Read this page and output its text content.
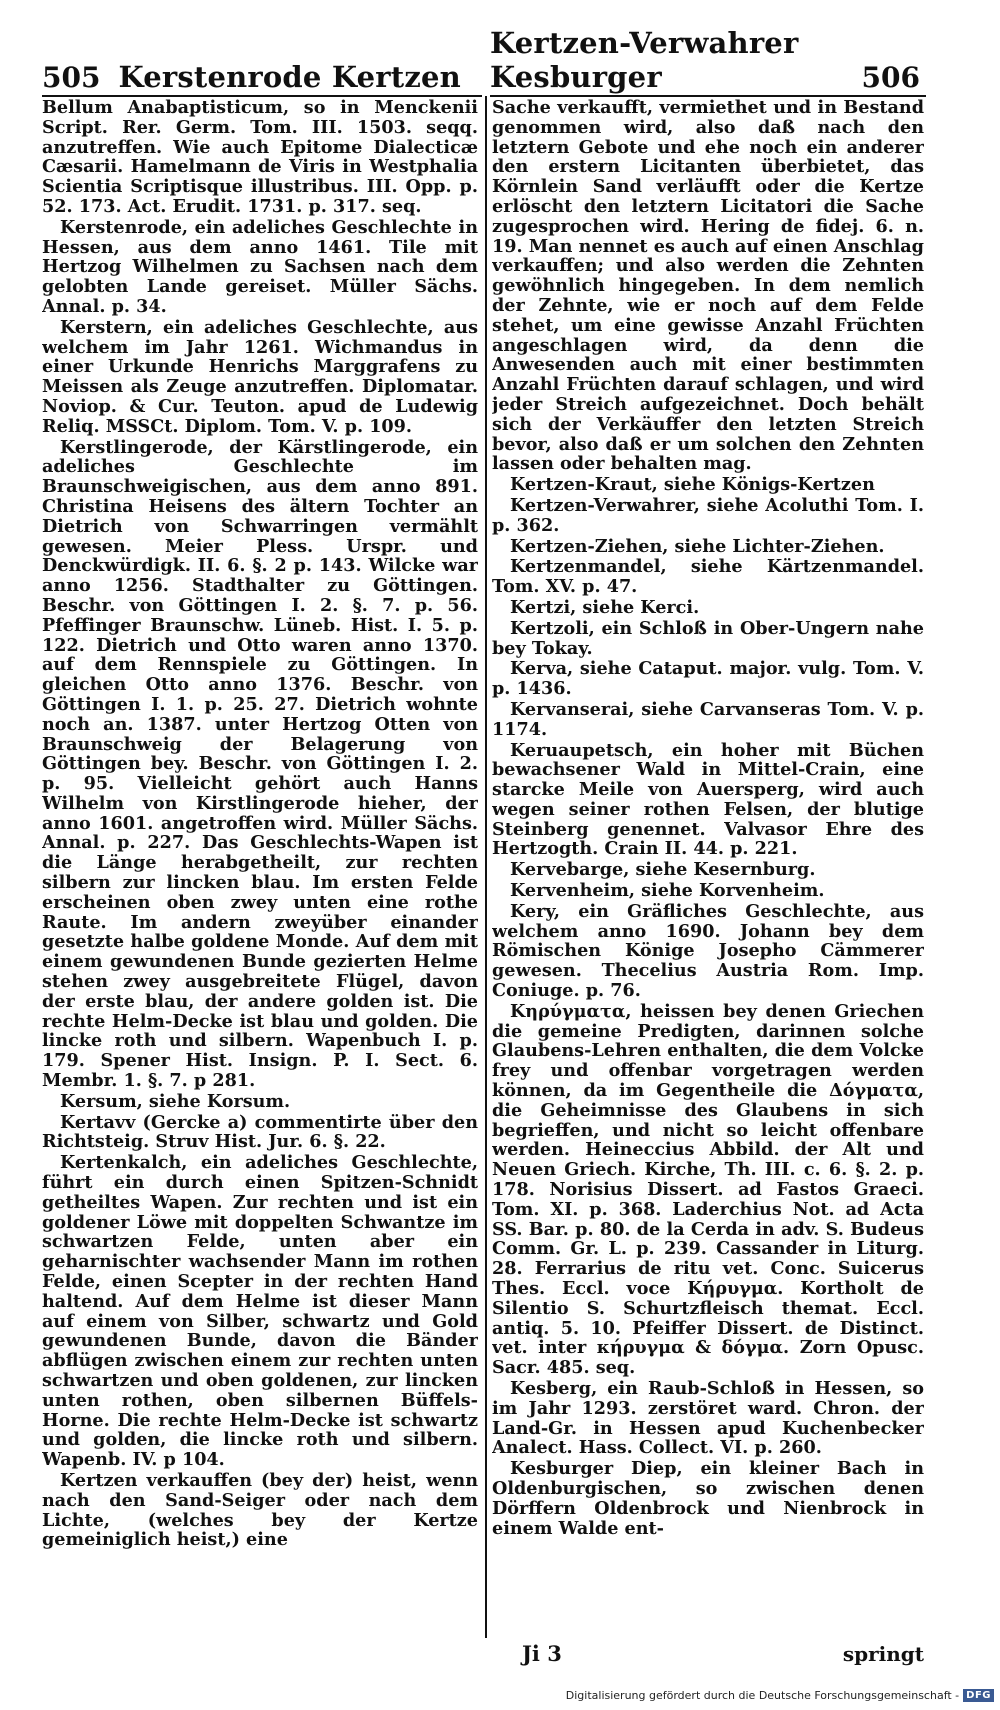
505 Kerstenrode Kertzen
Kertzen-Verwahrer Kesburger	506

Bellum Anabaptisticum, so in Menckenii Script. Rer. Germ. Tom. III. 1503. seqq. anzutreffen. Wie auch Epitome Dialecticæ Cæsarii. Hamelmann de Viris in Westphalia Scientia Scriptisque illustribus. III. Opp. p. 52. 173. Act. Erudit. 1731. p. 317. seq.

Kerstenrode, ein adeliches Geschlechte in Hessen, aus dem anno 1461. Tile mit Hertzog Wilhelmen zu Sachsen nach dem gelobten Lande gereiset. Müller Sächs. Annal. p. 34.

Kerstern, ein adeliches Geschlechte, aus welchem im Jahr 1261. Wichmandus in einer Urkunde Henrichs Marggrafens zu Meissen als Zeuge anzutreffen. Diplomatar. Noviop. & Cur. Teuton. apud de Ludewig Reliq. MSSCt. Diplom. Tom. V. p. 109.

Kerstlingerode, der Kärstlingerode, ein adeliches Geschlechte im Braunschweigischen, aus dem anno 891. Christina Heisens des ältern Tochter an Dietrich von Schwarringen vermählt gewesen. Meier Pless. Urspr. und Denckwürdigk. II. 6. §. 2 p. 143. Wilcke war anno 1256. Stadthalter zu Göttingen. Beschr. von Göttingen I. 2. §. 7. p. 56. Pfeffinger Braunschw. Lüneb. Hist. I. 5. p. 122. Dietrich und Otto waren anno 1370. auf dem Rennspiele zu Göttingen. In gleichen Otto anno 1376. Beschr. von Göttingen I. 1. p. 25. 27. Dietrich wohnte noch an. 1387. unter Hertzog Otten von Braunschweig der Belagerung von Göttingen bey. Beschr. von Göttingen I. 2. p. 95. Vielleicht gehört auch Hanns Wilhelm von Kirstlingerode hieher, der anno 1601. angetroffen wird. Müller Sächs. Annal. p. 227. Das Geschlechts-Wapen ist die Länge herabgetheilt, zur rechten silbern zur lincken blau. Im ersten Felde erscheinen oben zwey unten eine rothe Raute. Im andern zweyüber einander gesetzte halbe goldene Monde. Auf dem mit einem gewundenen Bunde gezierten Helme stehen zwey ausgebreitete Flügel, davon der erste blau, der andere golden ist. Die rechte Helm-Decke ist blau und golden. Die lincke roth und silbern. Wapenbuch I. p. 179. Spener Hist. Insign. P. I. Sect. 6. Membr. 1. §. 7. p 281.

Kersum, siehe Korsum.

Kertavv (Gercke a) commentirte über den Richtsteig. Struv Hist. Jur. 6. §. 22.

Kertenkalch, ein adeliches Geschlechte, führt ein durch einen Spitzen-Schnidt getheiltes Wapen. Zur rechten und ist ein goldener Löwe mit doppelten Schwantze im schwartzen Felde, unten aber ein geharnischter wachsender Mann im rothen Felde, einen Scepter in der rechten Hand haltend. Auf dem Helme ist dieser Mann auf einem von Silber, schwartz und Gold gewundenen Bunde, davon die Bänder abflügen zwischen einem zur rechten unten schwartzen und oben goldenen, zur lincken unten rothen, oben silbernen Büffels-Horne. Die rechte Helm-Decke ist schwartz und golden, die lincke roth und silbern. Wapenb. IV. p 104.

Kertzen verkauffen (bey der) heist, wenn nach den Sand-Seiger oder nach dem Lichte, (welches bey der Kertze gemeiniglich heist,) eine

Sache verkaufft, vermiethet und in Bestand genommen wird, also daß nach den letztern Gebote und ehe noch ein anderer den erstern Licitanten überbietet, das Körnlein Sand verläufft oder die Kertze erlöscht den letztern Licitatori die Sache zugesprochen wird. Hering de fidej. 6. n. 19. Man nennet es auch auf einen Anschlag verkauffen; und also werden die Zehnten gewöhnlich hingegeben. In dem nemlich der Zehnte, wie er noch auf dem Felde stehet, um eine gewisse Anzahl Früchten angeschlagen wird, da denn die Anwesenden auch mit einer bestimmten Anzahl Früchten darauf schlagen, und wird jeder Streich aufgezeichnet. Doch behält sich der Verkäuffer den letzten Streich bevor, also daß er um solchen den Zehnten lassen oder behalten mag.

Kertzen-Kraut, siehe Königs-Kertzen

Kertzen-Verwahrer, siehe Acoluthi Tom. I. p. 362.

Kertzen-Ziehen, siehe Lichter-Ziehen.

Kertzenmandel, siehe Kärtzenmandel. Tom. XV. p. 47.

Kertzi, siehe Kerci.

Kertzoli, ein Schloß in Ober-Ungern nahe bey Tokay.

Kerva, siehe Cataput. major. vulg. Tom. V. p. 1436.

Kervanserai, siehe Carvanseras Tom. V. p. 1174.

Keruaupetsch, ein hoher mit Büchen bewachsener Wald in Mittel-Crain, eine starcke Meile von Auersperg, wird auch wegen seiner rothen Felsen, der blutige Steinberg genennet. Valvasor Ehre des Hertzogth. Crain II. 44. p. 221.

Kervebarge, siehe Kesernburg.

Kervenheim, siehe Korvenheim.

Kery, ein Gräfliches Geschlechte, aus welchem anno 1690. Johann bey dem Römischen Könige Josepho Cämmerer gewesen. Thecelius Austria Rom. Imp. Coniuge. p. 76.

Κηρύγματα, heissen bey denen Griechen die gemeine Predigten, darinnen solche Glaubens-Lehren enthalten, die dem Volcke frey und offenbar vorgetragen werden können, da im Gegentheile die Δόγματα, die Geheimnisse des Glaubens in sich begrieffen, und nicht so leicht offenbare werden. Heineccius Abbild. der Alt und Neuen Griech. Kirche, Th. III. c. 6. §. 2. p. 178. Norisius Dissert. ad Fastos Graeci. Tom. XI. p. 368. Laderchius Not. ad Acta SS. Bar. p. 80. de la Cerda in adv. S. Budeus Comm. Gr. L. p. 239. Cassander in Liturg. 28. Ferrarius de ritu vet. Conc. Suicerus Thes. Eccl. voce Κήρυγμα. Kortholt de Silentio S. Schurtzfleisch themat. Eccl. antiq. 5. 10. Pfeiffer Dissert. de Distinct. vet. inter κήρυγμα & δόγμα. Zorn Opusc. Sacr. 485. seq.

Kesberg, ein Raub-Schloß in Hessen, so im Jahr 1293. zerstöret ward. Chron. der Land-Gr. in Hessen apud Kuchenbecker Analect. Hass. Collect. VI. p. 260.

Kesburger Diep, ein kleiner Bach in Oldenburgischen, so zwischen denen Dörffern Oldenbrock und Nienbrock in einem Walde ent-

Ji 3	springt
Digitalisierung gefördert durch die Deutsche Forschungsgemeinschaft - DFG
